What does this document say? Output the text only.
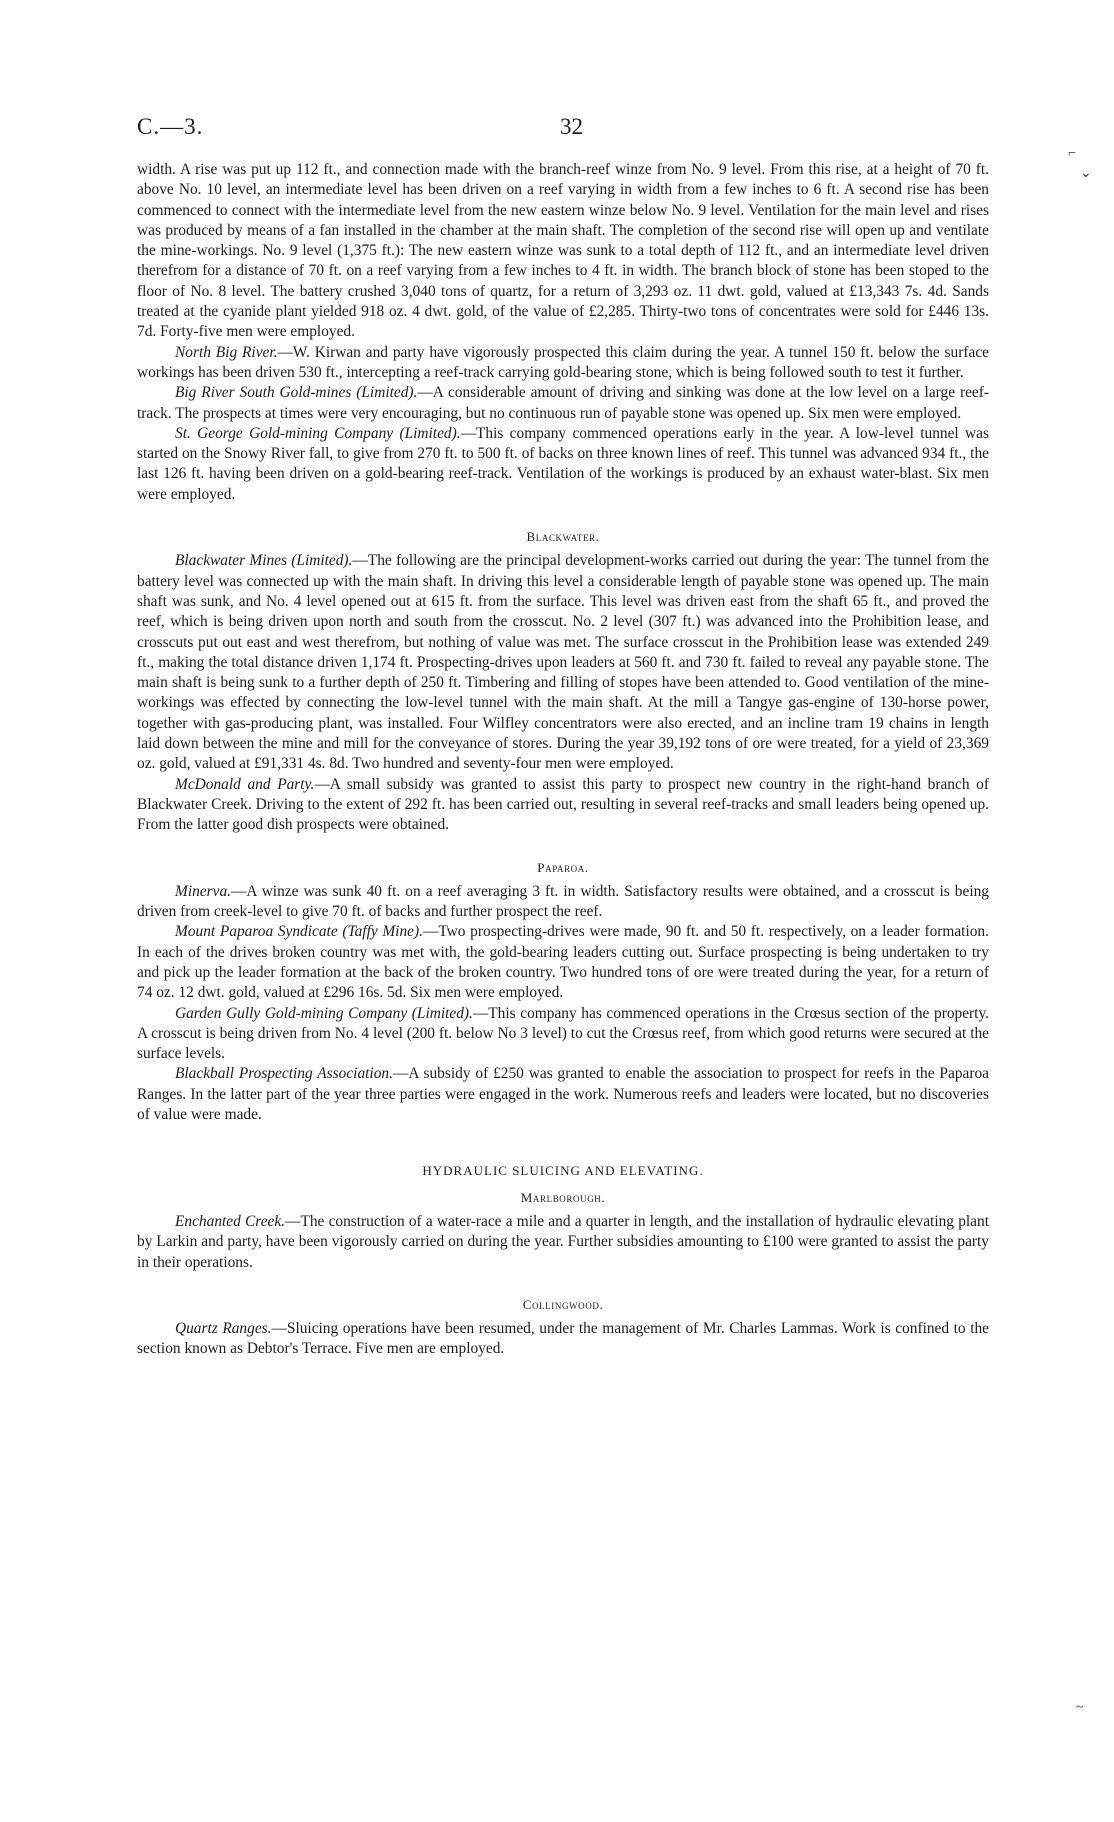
C.—3.	32

width. A rise was put up 112 ft., and connection made with the branch-reef winze from No. 9 level. From this rise, at a height of 70 ft. above No. 10 level, an intermediate level has been driven on a reef varying in width from a few inches to 6 ft. A second rise has been commenced to connect with the intermediate level from the new eastern winze below No. 9 level. Ventilation for the main level and rises was produced by means of a fan installed in the chamber at the main shaft. The completion of the second rise will open up and ventilate the mine-workings. No. 9 level (1,375 ft.): The new eastern winze was sunk to a total depth of 112 ft., and an intermediate level driven therefrom for a distance of 70 ft. on a reef varying from a few inches to 4 ft. in width. The branch block of stone has been stoped to the floor of No. 8 level. The battery crushed 3,040 tons of quartz, for a return of 3,293 oz. 11 dwt. gold, valued at £13,343 7s. 4d. Sands treated at the cyanide plant yielded 918 oz. 4 dwt. gold, of the value of £2,285. Thirty-two tons of concentrates were sold for £446 13s. 7d. Forty-five men were employed.

North Big River.—W. Kirwan and party have vigorously prospected this claim during the year. A tunnel 150 ft. below the surface workings has been driven 530 ft., intercepting a reef-track carrying gold-bearing stone, which is being followed south to test it further.

Big River South Gold-mines (Limited).—A considerable amount of driving and sinking was done at the low level on a large reef-track. The prospects at times were very encouraging, but no continuous run of payable stone was opened up. Six men were employed.

St. George Gold-mining Company (Limited).—This company commenced operations early in the year. A low-level tunnel was started on the Snowy River fall, to give from 270 ft. to 500 ft. of backs on three known lines of reef. This tunnel was advanced 934 ft., the last 126 ft. having been driven on a gold-bearing reef-track. Ventilation of the workings is produced by an exhaust water-blast. Six men were employed.

Blackwater.

Blackwater Mines (Limited).—The following are the principal development-works carried out during the year: The tunnel from the battery level was connected up with the main shaft. In driving this level a considerable length of payable stone was opened up. The main shaft was sunk, and No. 4 level opened out at 615 ft. from the surface. This level was driven east from the shaft 65 ft., and proved the reef, which is being driven upon north and south from the crosscut. No. 2 level (307 ft.) was advanced into the Prohibition lease, and crosscuts put out east and west therefrom, but nothing of value was met. The surface crosscut in the Prohibition lease was extended 249 ft., making the total distance driven 1,174 ft. Prospecting-drives upon leaders at 560 ft. and 730 ft. failed to reveal any payable stone. The main shaft is being sunk to a further depth of 250 ft. Timbering and filling of stopes have been attended to. Good ventilation of the mine-workings was effected by connecting the low-level tunnel with the main shaft. At the mill a Tangye gas-engine of 130-horse power, together with gas-producing plant, was installed. Four Wilfley concentrators were also erected, and an incline tram 19 chains in length laid down between the mine and mill for the conveyance of stores. During the year 39,192 tons of ore were treated, for a yield of 23,369 oz. gold, valued at £91,331 4s. 8d. Two hundred and seventy-four men were employed.

McDonald and Party.—A small subsidy was granted to assist this party to prospect new country in the right-hand branch of Blackwater Creek. Driving to the extent of 292 ft. has been carried out, resulting in several reef-tracks and small leaders being opened up. From the latter good dish prospects were obtained.

Paparoa.

Minerva.—A winze was sunk 40 ft. on a reef averaging 3 ft. in width. Satisfactory results were obtained, and a crosscut is being driven from creek-level to give 70 ft. of backs and further prospect the reef.

Mount Paparoa Syndicate (Taffy Mine).—Two prospecting-drives were made, 90 ft. and 50 ft. respectively, on a leader formation. In each of the drives broken country was met with, the gold-bearing leaders cutting out. Surface prospecting is being undertaken to try and pick up the leader formation at the back of the broken country. Two hundred tons of ore were treated during the year, for a return of 74 oz. 12 dwt. gold, valued at £296 16s. 5d. Six men were employed.

Garden Gully Gold-mining Company (Limited).—This company has commenced operations in the Crœsus section of the property. A crosscut is being driven from No. 4 level (200 ft. below No 3 level) to cut the Crœsus reef, from which good returns were secured at the surface levels.

Blackball Prospecting Association.—A subsidy of £250 was granted to enable the association to prospect for reefs in the Paparoa Ranges. In the latter part of the year three parties were engaged in the work. Numerous reefs and leaders were located, but no discoveries of value were made.

HYDRAULIC SLUICING AND ELEVATING.
Marlborough.

Enchanted Creek.—The construction of a water-race a mile and a quarter in length, and the installation of hydraulic elevating plant by Larkin and party, have been vigorously carried on during the year. Further subsidies amounting to £100 were granted to assist the party in their operations.

Collingwood.

Quartz Ranges.—Sluicing operations have been resumed, under the management of Mr. Charles Lammas. Work is confined to the section known as Debtor's Terrace. Five men are employed.

⌐
⌄
~
